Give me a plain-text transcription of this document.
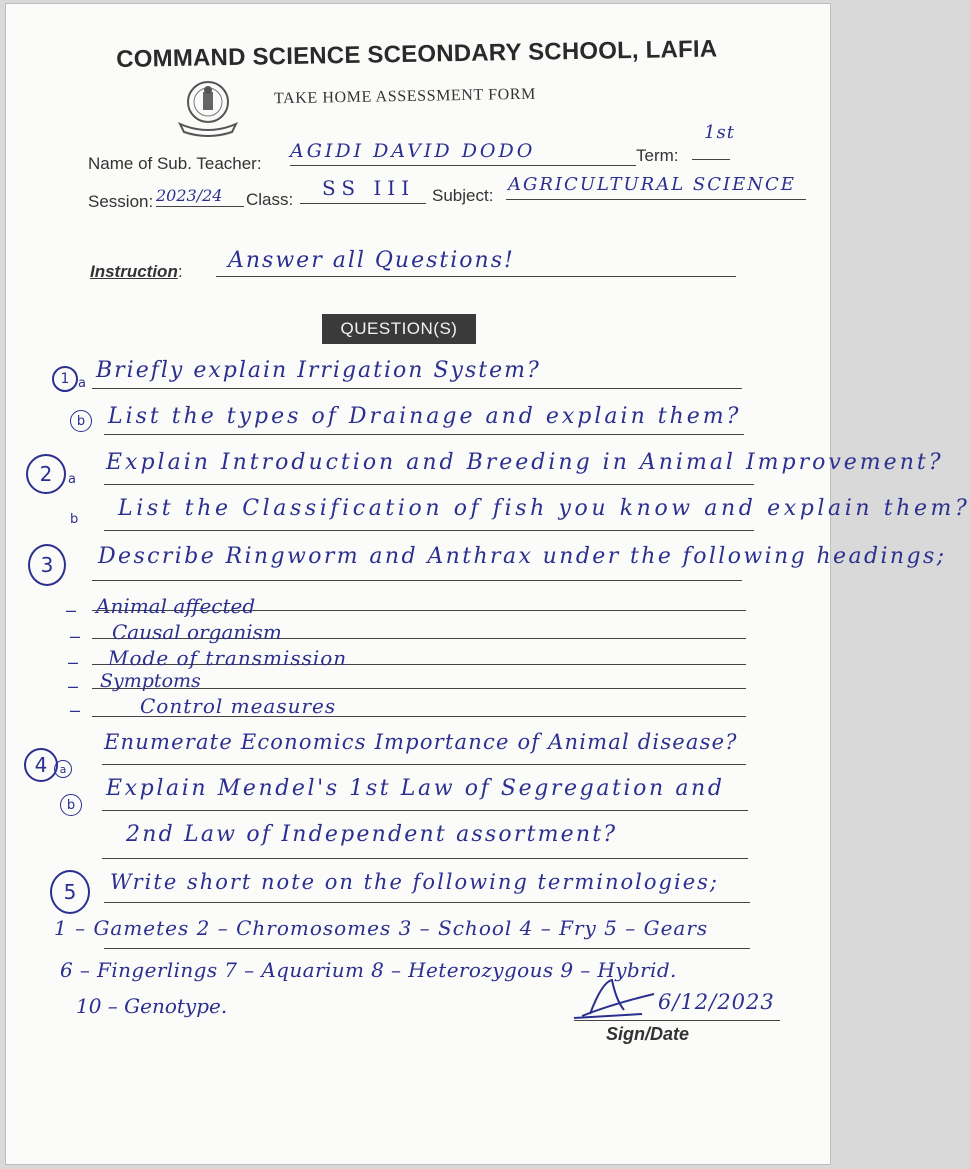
COMMAND SCIENCE SCEONDARY SCHOOL, LAFIA
TAKE HOME ASSESSMENT FORM
Name of Sub. Teacher:
AGIDI DAVID DODO	Term:
1st
Session: 2023/24 Class: SS III Subject:
AGRICULTURAL SCIENCE
Instruction: Answer all Questions!
QUESTION(S)
1 a
Briefly explain Irrigation System?
b	List the types of Drainage and explain them?
2	a
Explain Introduction and Breeding in Animal Improvement?
b List the Classification of fish you know and explain them?
3	Describe Ringworm and Anthrax under the following headings;
– Animal affected
– Causal organism
– Mode of transmission
– Symptoms
–	Control measures
4	a
Enumerate Economics Importance of Animal disease?
b
Explain Mendel's 1st Law of Segregation and
2nd Law of Independent assortment?
5	Write short note on the following terminologies;
1 – Gametes 2 – Chromosomes 3 – School 4 – Fry 5 – Gears
6 – Fingerlings 7 – Aquarium 8 – Heterozygous 9 – Hybrid.
10 – Genotype.	6/12/2023
Sign/Date
